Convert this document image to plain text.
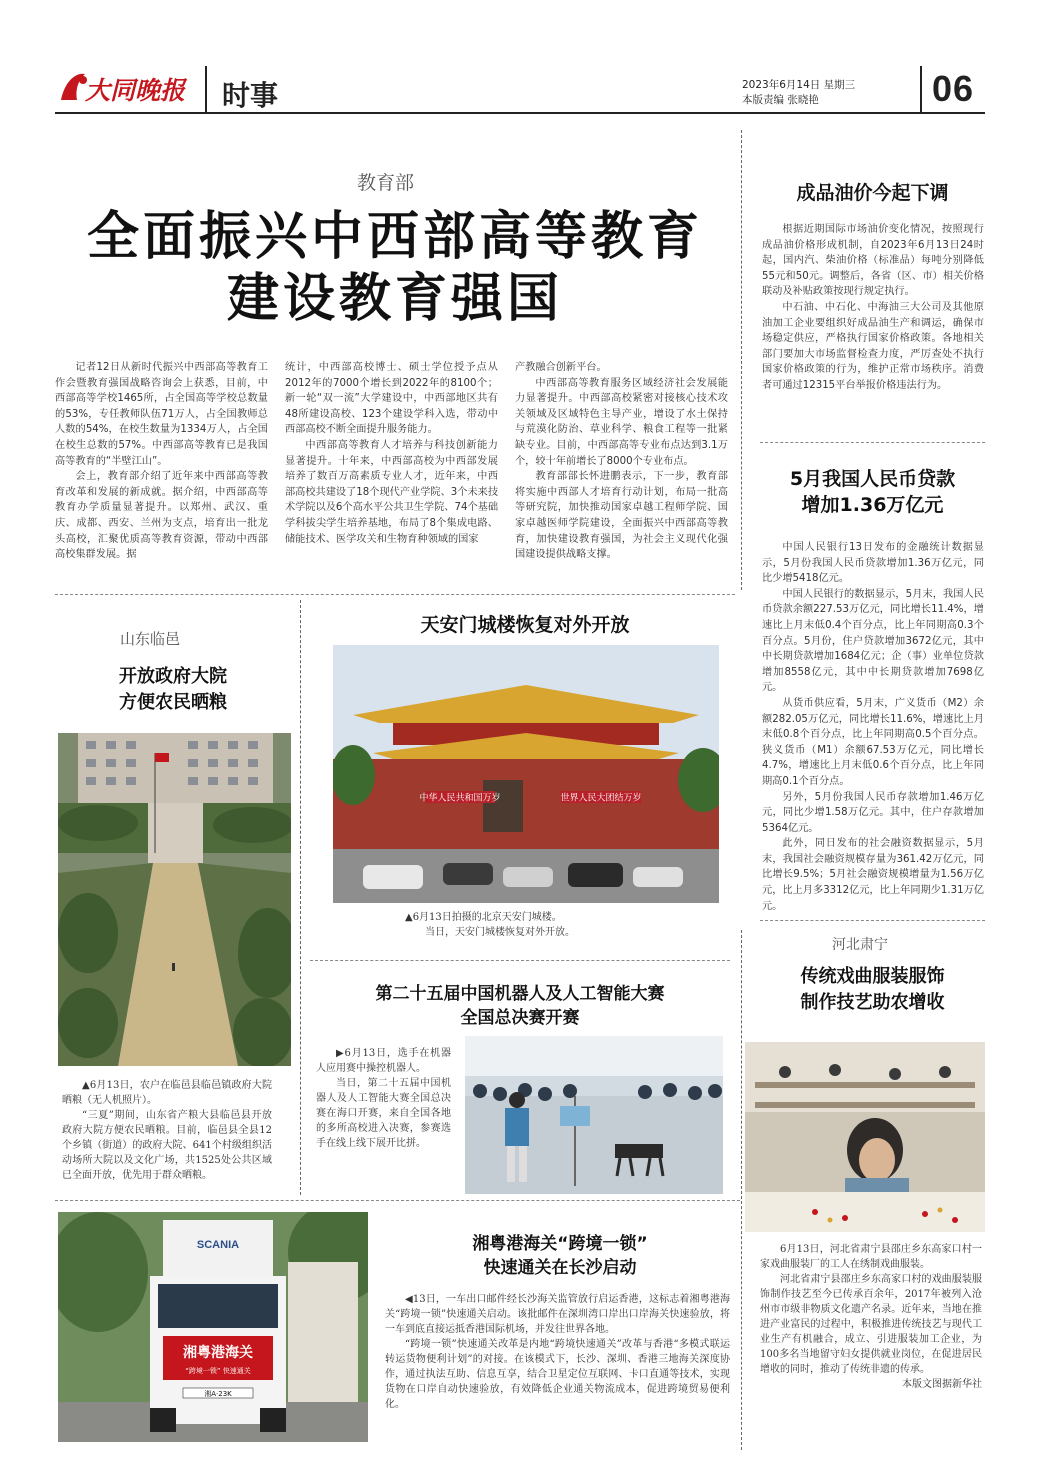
大同晚报 时事	2023年6月14日 星期三
本版责编 张晓艳	06
教育部
全面振兴中西部高等教育
建设教育强国

记者12日从新时代振兴中西部高等教育工作会暨教育强国战略咨询会上获悉，目前，中西部高等学校1465所，占全国高等学校总数量的53%，专任教师队伍71万人，占全国教师总人数的54%，在校生数量为1334万人，占全国在校生总数的57%。中西部高等教育已是我国高等教育的“半壁江山”。

会上，教育部介绍了近年来中西部高等教育改革和发展的新成就。据介绍，中西部高等教育办学质量显著提升。以郑州、武汉、重庆、成都、西安、兰州为支点，培育出一批龙头高校，汇聚优质高等教育资源，带动中西部高校集群发展。据

统计，中西部高校博士、硕士学位授予点从2012年的7000个增长到2022年的8100个；新一轮“双一流”大学建设中，中西部地区共有48所建设高校、123个建设学科入选，带动中西部高校不断全面提升服务能力。

中西部高等教育人才培养与科技创新能力显著提升。十年来，中西部高校为中西部发展培养了数百万高素质专业人才，近年来，中西部高校共建设了18个现代产业学院、3个未来技术学院以及6个高水平公共卫生学院、74个基础学科拔尖学生培养基地，布局了8个集成电路、储能技术、医学攻关和生物育种领域的国家

产教融合创新平台。

中西部高等教育服务区域经济社会发展能力显著提升。中西部高校紧密对接核心技术攻关领域及区域特色主导产业，增设了水土保持与荒漠化防治、草业科学、粮食工程等一批紧缺专业。目前，中西部高等专业布点达到3.1万个，较十年前增长了8000个专业布点。

教育部部长怀进鹏表示，下一步，教育部将实施中西部人才培育行动计划，布局一批高等研究院，加快推动国家卓越工程师学院、国家卓越医师学院建设，全面振兴中西部高等教育，加快建设教育强国，为社会主义现代化强国建设提供战略支撑。

成品油价今起下调

根据近期国际市场油价变化情况，按照现行成品油价格形成机制，自2023年6月13日24时起，国内汽、柴油价格（标准品）每吨分别降低55元和50元。调整后，各省（区、市）相关价格联动及补贴政策按现行规定执行。

中石油、中石化、中海油三大公司及其他原油加工企业要组织好成品油生产和调运，确保市场稳定供应，严格执行国家价格政策。各地相关部门要加大市场监督检查力度，严厉查处不执行国家价格政策的行为，维护正常市场秩序。消费者可通过12315平台举报价格违法行为。

5月我国人民币贷款
增加1.36万亿元

中国人民银行13日发布的金融统计数据显示，5月份我国人民币贷款增加1.36万亿元，同比少增5418亿元。

中国人民银行的数据显示，5月末，我国人民币贷款余额227.53万亿元，同比增长11.4%，增速比上月末低0.4个百分点，比上年同期高0.3个百分点。5月份，住户贷款增加3672亿元，其中中长期贷款增加1684亿元；企（事）业单位贷款增加8558亿元，其中中长期贷款增加7698亿元。

从货币供应看，5月末，广义货币（M2）余额282.05万亿元，同比增长11.6%，增速比上月末低0.8个百分点，比上年同期高0.5个百分点。狭义货币（M1）余额67.53万亿元，同比增长4.7%，增速比上月末低0.6个百分点，比上年同期高0.1个百分点。

另外，5月份我国人民币存款增加1.46万亿元，同比少增1.58万亿元。其中，住户存款增加5364亿元。

此外，同日发布的社会融资数据显示，5月末，我国社会融资规模存量为361.42万亿元，同比增长9.5%；5月社会融资规模增量为1.56万亿元，比上月多3312亿元，比上年同期少1.31万亿元。

山东临邑
开放政府大院
方便农民晒粮

▲6月13日，农户在临邑县临邑镇政府大院晒粮（无人机照片）。

“三夏”期间，山东省产粮大县临邑县开放政府大院方便农民晒粮。目前，临邑县全县12个乡镇（街道）的政府大院、641个村级组织活动场所大院以及文化广场，共1525处公共区域已全面开放，优先用于群众晒粮。

天安门城楼恢复对外开放
中华人民共和国万岁	世界人民大团结万岁
▲6月13日拍摄的北京天安门城楼。
当日，天安门城楼恢复对外开放。
第二十五届中国机器人及人工智能大赛
全国总决赛开赛

▶6月13日，选手在机器人应用赛中操控机器人。

当日，第二十五届中国机器人及人工智能大赛全国总决赛在海口开赛，来自全国各地的多所高校进入决赛，参赛选手在线上线下展开比拼。

SCANIA
湘粤港海关
“跨境一锁” 快速通关
湘A·23K
湘粤港海关“跨境一锁”
快速通关在长沙启动

◀13日，一车出口邮件经长沙海关监管放行启运香港，这标志着湘粤港海关“跨境一锁”快速通关启动。该批邮件在深圳湾口岸出口岸海关快速验放，将一车到底直接运抵香港国际机场，并发往世界各地。

“跨境一锁”快速通关改革是内地“跨境快速通关”改革与香港“多模式联运转运货物便利计划”的对接。在该模式下，长沙、深圳、香港三地海关深度协作，通过执法互助、信息互享，结合卫星定位互联网、卡口直通等技术，实现货物在口岸自动快速验放，有效降低企业通关物流成本，促进跨境贸易便利化。

河北肃宁
传统戏曲服装服饰
制作技艺助农增收

6月13日，河北省肃宁县邵庄乡东高家口村一家戏曲服装厂的工人在绣制戏曲服装。

河北省肃宁县邵庄乡东高家口村的戏曲服装服饰制作技艺至今已传承百余年，2017年被列入沧州市市级非物质文化遗产名录。近年来，当地在推进产业富民的过程中，积极推进传统技艺与现代工业生产有机融合，成立、引进服装加工企业，为100多名当地留守妇女提供就业岗位，在促进居民增收的同时，推动了传统非遗的传承。

本版文图据新华社
